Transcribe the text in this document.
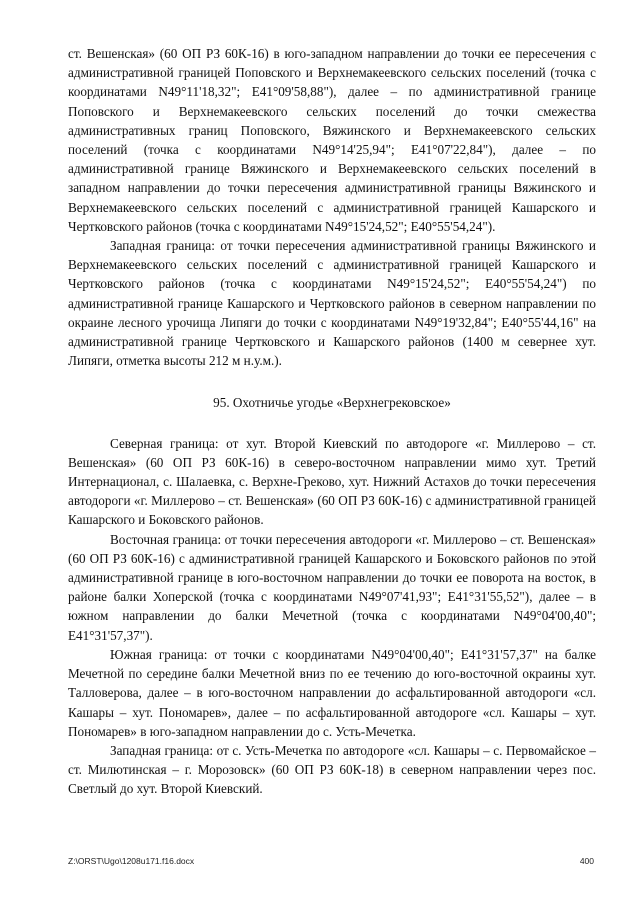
ст. Вешенская» (60 ОП РЗ 60К-16) в юго-западном направлении до точки ее пересечения с административной границей Поповского и Верхнемакеевского сельских поселений (точка с координатами N49°11'18,32"; E41°09'58,88"), далее – по административной границе Поповского и Верхнемакеевского сельских поселений до точки смежества административных границ Поповского, Вяжинского и Верхнемакеевского сельских поселений (точка с координатами N49°14'25,94"; E41°07'22,84"), далее – по административной границе Вяжинского и Верхнемакеевского сельских поселений в западном направлении до точки пересечения административной границы Вяжинского и Верхнемакеевского сельских поселений с административной границей Кашарского и Чертковского районов (точка с координатами N49°15'24,52"; E40°55'54,24").

Западная граница: от точки пересечения административной границы Вяжинского и Верхнемакеевского сельских поселений с административной границей Кашарского и Чертковского районов (точка с координатами N49°15'24,52"; E40°55'54,24") по административной границе Кашарского и Чертковского районов в северном направлении по окраине лесного урочища Липяги до точки с координатами N49°19'32,84"; E40°55'44,16" на административной границе Чертковского и Кашарского районов (1400 м севернее хут. Липяги, отметка высоты 212 м н.у.м.).

95. Охотничье угодье «Верхнегрековское»

Северная граница: от хут. Второй Киевский по автодороге «г. Миллерово – ст. Вешенская» (60 ОП РЗ 60К-16) в северо-восточном направлении мимо хут. Третий Интернационал, с. Шалаевка, с. Верхне-Греково, хут. Нижний Астахов до точки пересечения автодороги «г. Миллерово – ст. Вешенская» (60 ОП РЗ 60К-16) с административной границей Кашарского и Боковского районов.

Восточная граница: от точки пересечения автодороги «г. Миллерово – ст. Вешенская» (60 ОП РЗ 60К-16) с административной границей Кашарского и Боковского районов по этой административной границе в юго-восточном направлении до точки ее поворота на восток, в районе балки Хоперской (точка с координатами N49°07'41,93"; E41°31'55,52"), далее – в южном направлении до балки Мечетной (точка с координатами N49°04'00,40"; E41°31'57,37").

Южная граница: от точки с координатами N49°04'00,40"; E41°31'57,37" на балке Мечетной по середине балки Мечетной вниз по ее течению до юго-восточной окраины хут. Талловерова, далее – в юго-восточном направлении до асфальтированной автодороги «сл. Кашары – хут. Пономарев», далее – по асфальтированной автодороге «сл. Кашары – хут. Пономарев» в юго-западном направлении до с. Усть-Мечетка.

Западная граница: от с. Усть-Мечетка по автодороге «сл. Кашары – с. Первомайское – ст. Милютинская – г. Морозовск» (60 ОП РЗ 60К-18) в северном направлении через пос. Светлый до хут. Второй Киевский.

Z:\ORST\Ugo\1208u171.f16.docx	400
